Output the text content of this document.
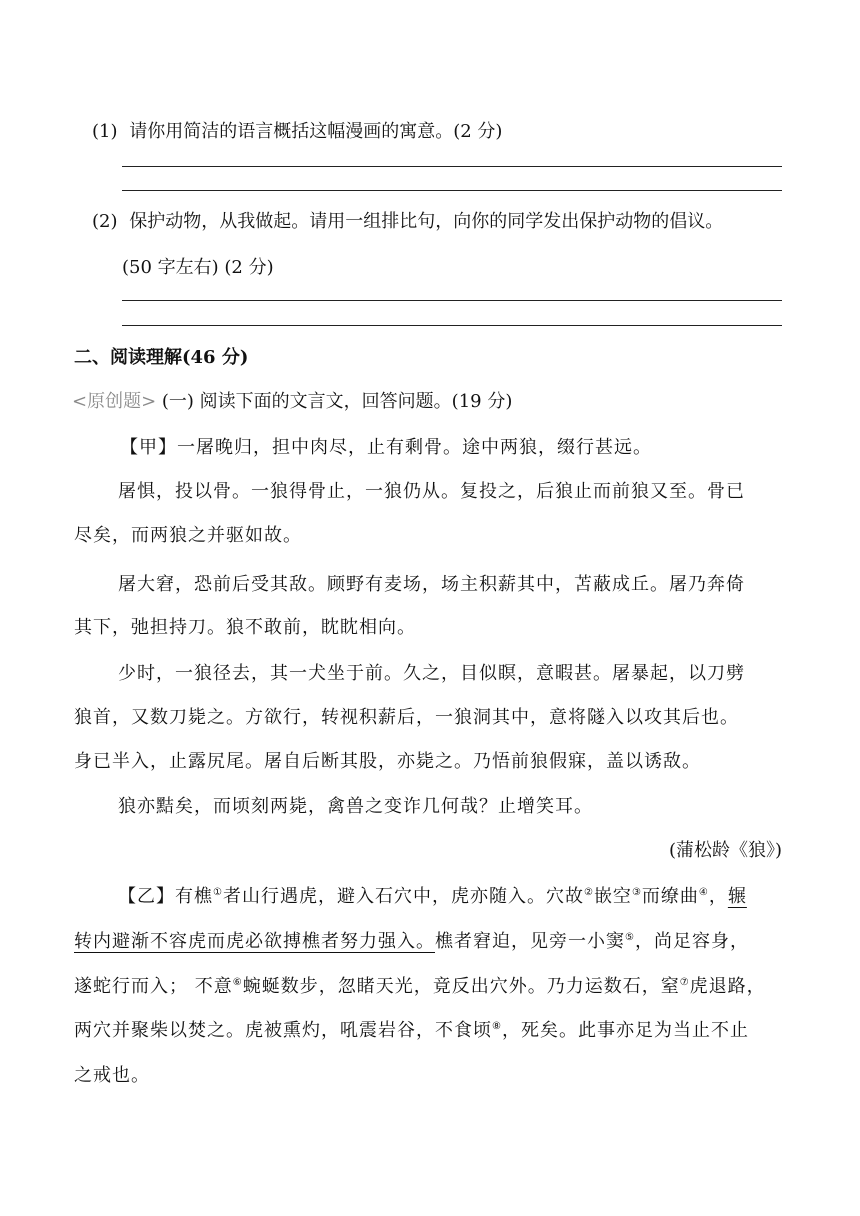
(1) 请你用简洁的语言概括这幅漫画的寓意。(2 分)
(2) 保护动物，从我做起。请用一组排比句，向你的同学发出保护动物的倡议。
(50 字左右) (2 分)
二、阅读理解(46 分)
<原创题> (一) 阅读下面的文言文，回答问题。(19 分)
【甲】一屠晚归，担中肉尽，止有剩骨。途中两狼，缀行甚远。
屠惧，投以骨。一狼得骨止，一狼仍从。复投之，后狼止而前狼又至。骨已
尽矣，而两狼之并驱如故。
屠大窘，恐前后受其敌。顾野有麦场，场主积薪其中，苫蔽成丘。屠乃奔倚
其下，弛担持刀。狼不敢前，眈眈相向。
少时，一狼径去，其一犬坐于前。久之，目似瞑，意暇甚。屠暴起，以刀劈
狼首，又数刀毙之。方欲行，转视积薪后，一狼洞其中，意将隧入以攻其后也。
身已半入，止露尻尾。屠自后断其股，亦毙之。乃悟前狼假寐，盖以诱敌。
狼亦黠矣，而顷刻两毙，禽兽之变诈几何哉？止增笑耳。
(蒲松龄《狼》)
【乙】有樵①者山行遇虎，避入石穴中，虎亦随入。穴故②嵌空③而缭曲④，辗
转内避渐不容虎而虎必欲搏樵者努力强入。樵者窘迫，见旁一小窦⑤，尚足容身，
遂蛇行而入； 不意⑥蜿蜒数步，忽睹天光，竟反出穴外。乃力运数石，窒⑦虎退路，
两穴并聚柴以焚之。虎被熏灼，吼震岩谷，不食顷⑧，死矣。此事亦足为当止不止
之戒也。
